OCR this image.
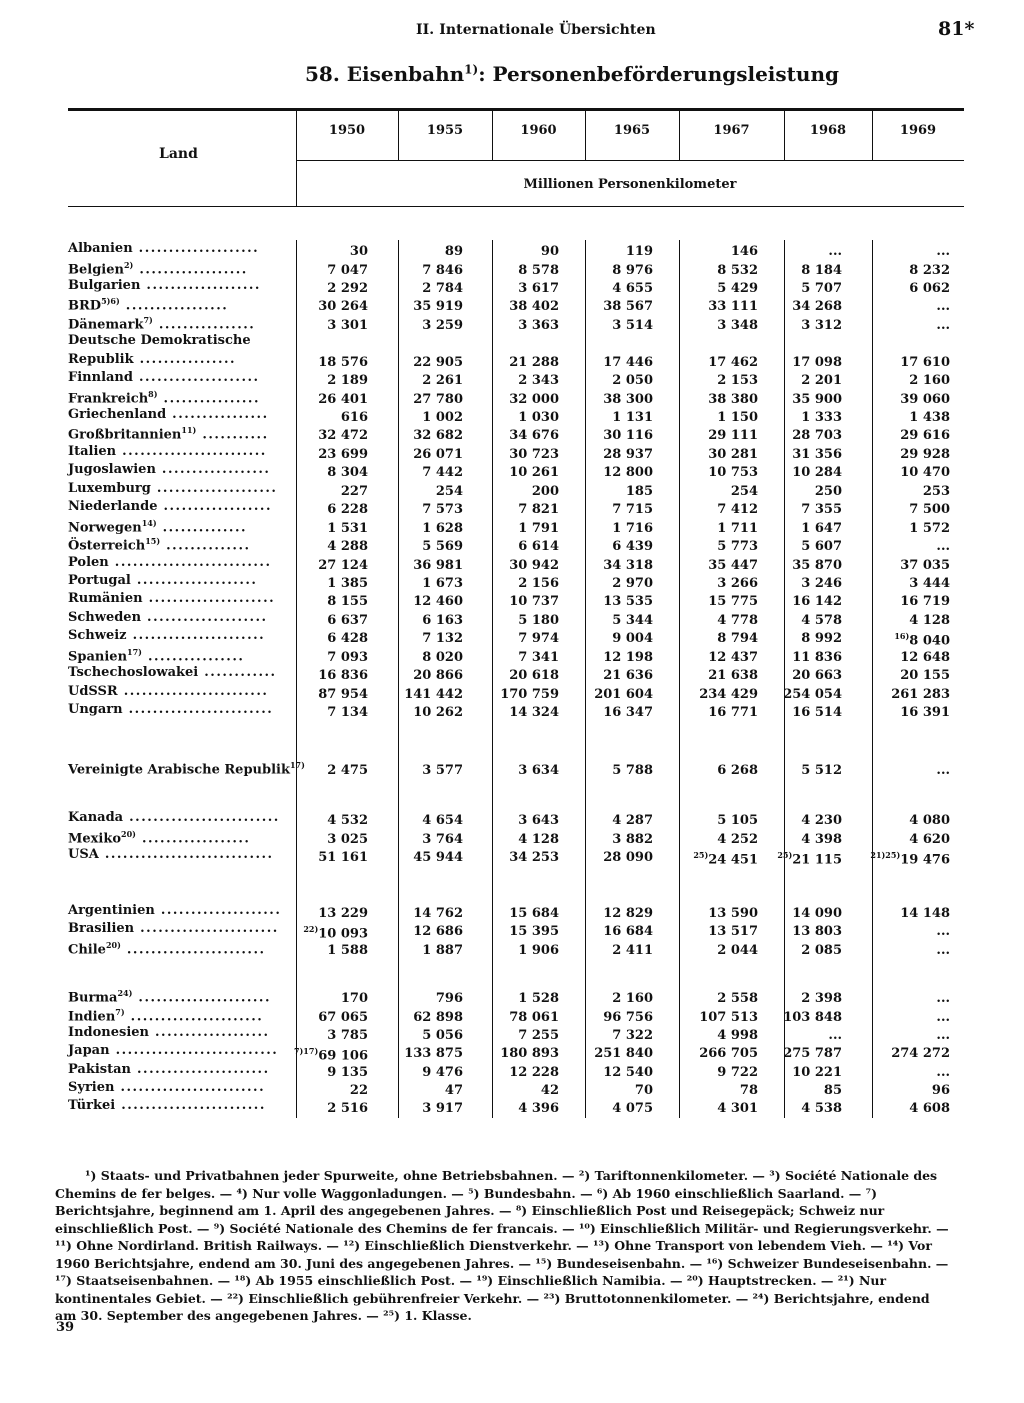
II. Internationale Übersichten	81*
58. Eisenbahn$^{1)}$: Personenbeförderungsleistung
Land
1950	1955	1960	1965	1967	1968	1969
Millionen Personenkilometer
Albanien ....................	30	89	90	119	146	...	...
Belgien$^{2)}$ ..................	7 047	7 846	8 578	8 976	8 532	8 184	8 232
Bulgarien ...................	2 292	2 784	3 617	4 655	5 429	5 707	6 062
$BRD^{5)6)}$ .................	30 264	35 919	38 402	38 567	33 111	34 268	...
Dänemark$^{7)}$ ................	3 301	3 259	3 363	3 514	3 348	3 312	...
Deutsche Demokratische
Republik ................	18 576	22 905	21 288	17 446	17 462	17 098	17 610
Finnland ....................	2 189	2 261	2 343	2 050	2 153	2 201	2 160
Frankreich$^{8)}$ ................	26 401	27 780	32 000	38 300	38 380	35 900	39 060
Griechenland ................	616	1 002	1 030	1 131	1 150	1 333	1 438
Großbritannien$^{11)}$ ...........	32 472	32 682	34 676	30 116	29 111	28 703	29 616
Italien ........................	23 699	26 071	30 723	28 937	30 281	31 356	29 928
Jugoslawien ..................	8 304	7 442	10 261	12 800	10 753	10 284	10 470
Luxemburg ....................	227	254	200	185	254	250	253
Niederlande ..................	6 228	7 573	7 821	7 715	7 412	7 355	7 500
Norwegen$^{14)}$ ..............	1 531	1 628	1 791	1 716	1 711	1 647	1 572
Österreich$^{15)}$ ..............	4 288	5 569	6 614	6 439	5 773	5 607	...
Polen ..........................	27 124	36 981	30 942	34 318	35 447	35 870	37 035
Portugal ....................	1 385	1 673	2 156	2 970	3 266	3 246	3 444
Rumänien .....................	8 155	12 460	10 737	13 535	15 775	16 142	16 719
Schweden ....................	6 637	6 163	5 180	5 344	4 778	4 578	4 128
Schweiz ......................	6 428	7 132	7 974	9 004	8 794	8 992	$^{16)}$8 040
Spanien$^{17)}$ ................	7 093	8 020	7 341	12 198	12 437	11 836	12 648
Tschechoslowakei ............	16 836	20 866	20 618	21 636	21 638	20 663	20 155
UdSSR ........................	87 954	141 442	170 759	201 604	234 429	254 054	261 283
Ungarn ........................	7 134	10 262	14 324	16 347	16 771	16 514	16 391
Vereinigte Arabische Republik$^{17)}$	2 475	3 577	3 634	5 788	6 268	5 512	...
Kanada .........................	4 532	4 654	3 643	4 287	5 105	4 230	4 080
Mexiko$^{20)}$ ..................	3 025	3 764	4 128	3 882	4 252	4 398	4 620
USA ............................	51 161	45 944	34 253	28 090	$^{25)}$24 451	$^{25)}$21 115	$^{21)25)}$19 476
Argentinien ....................	13 229	14 762	15 684	12 829	13 590	14 090	14 148
Brasilien .......................	$^{22)}$10 093	12 686	15 395	16 684	13 517	13 803	...
Chile$^{20)}$ .......................	1 588	1 887	1 906	2 411	2 044	2 085	...
Burma$^{24)}$ ......................	170	796	1 528	2 160	2 558	2 398	...
Indien$^{7)}$ ......................	67 065	62 898	78 061	96 756	107 513	103 848	...
Indonesien ...................	3 785	5 056	7 255	7 322	4 998	...	...
Japan ...........................	$^{7)17)}$69 106	133 875	180 893	251 840	266 705	275 787	274 272
Pakistan ......................	9 135	9 476	12 228	12 540	9 722	10 221	...
Syrien ........................	22	47	42	70	78	85	96
Türkei ........................	2 516	3 917	4 396	4 075	4 301	4 538	4 608

¹) Staats- und Privatbahnen jeder Spurweite, ohne Betriebsbahnen. — ²) Tariftonnenkilometer. — ³) Société Nationale des Chemins de fer belges. — ⁴) Nur volle Waggonladungen. — ⁵) Bundesbahn. — ⁶) Ab 1960 einschließlich Saarland. — ⁷) Berichtsjahre, beginnend am 1. April des angegebenen Jahres. — ⁸) Einschließlich Post und Reisegepäck; Schweiz nur einschließlich Post. — ⁹) Société Nationale des Chemins de fer francais. — ¹⁰) Einschließlich Militär- und Regierungsverkehr. — ¹¹) Ohne Nordirland. British Railways. — ¹²) Einschließlich Dienstverkehr. — ¹³) Ohne Transport von lebendem Vieh. — ¹⁴) Vor 1960 Berichtsjahre, endend am 30. Juni des angegebenen Jahres. — ¹⁵) Bundeseisenbahn. — ¹⁶) Schweizer Bundeseisenbahn. — ¹⁷) Staatseisenbahnen. — ¹⁸) Ab 1955 einschließlich Post. — ¹⁹) Einschließlich Namibia. — ²⁰) Hauptstrecken. — ²¹) Nur kontinentales Gebiet. — ²²) Einschließlich gebührenfreier Verkehr. — ²³) Bruttotonnenkilometer. — ²⁴) Berichtsjahre, endend am 30. September des angegebenen Jahres. — ²⁵) 1. Klasse.

39
